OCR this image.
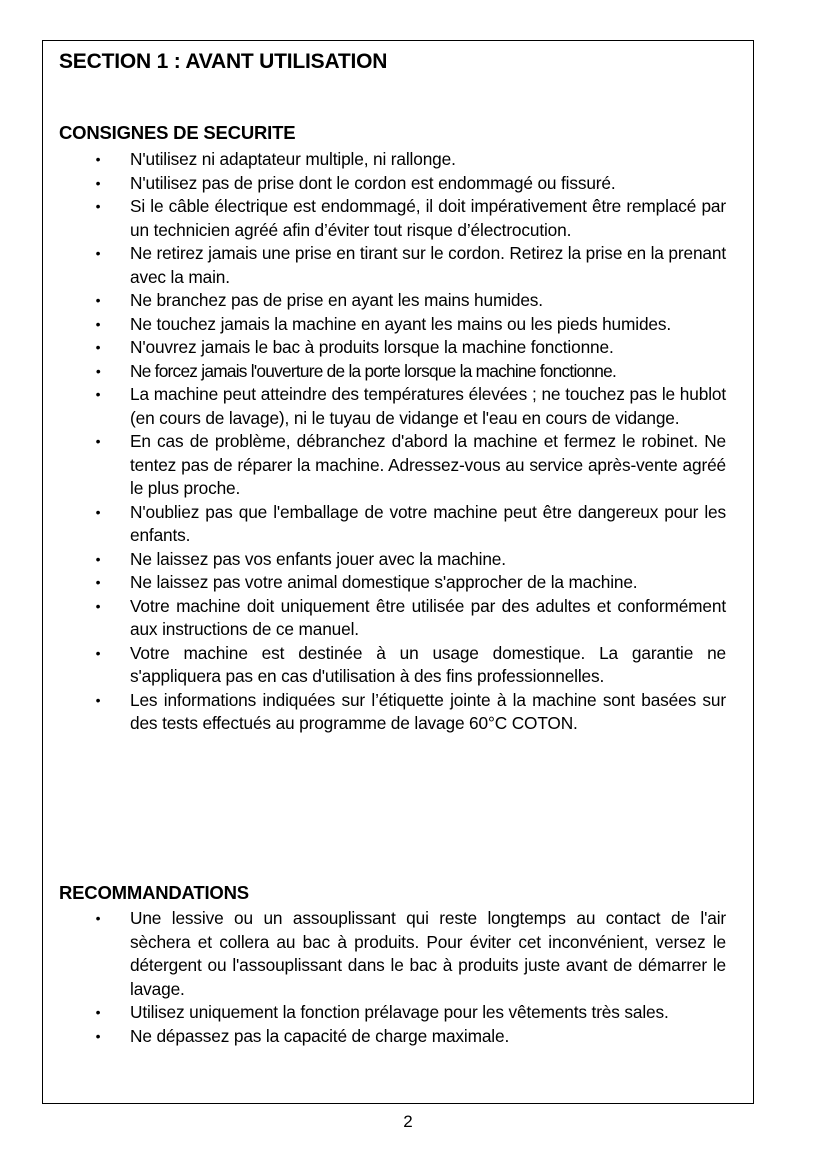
SECTION 1 : AVANT UTILISATION
CONSIGNES DE SECURITE
• N'utilisez ni adaptateur multiple, ni rallonge.
• N'utilisez pas de prise dont le cordon est endommagé ou fissuré.
• Si le câble électrique est endommagé, il doit impérativement être remplacé par un technicien agréé afin d’éviter tout risque d’électrocution.
• Ne retirez jamais une prise en tirant sur le cordon. Retirez la prise en la prenant avec la main.
• Ne branchez pas de prise en ayant les mains humides.
• Ne touchez jamais la machine en ayant les mains ou les pieds humides.
• N'ouvrez jamais le bac à produits lorsque la machine fonctionne.
• Ne forcez jamais l'ouverture de la porte lorsque la machine fonctionne.
• La machine peut atteindre des températures élevées ; ne touchez pas le hublot (en cours de lavage), ni le tuyau de vidange et l'eau en cours de vidange.
• En cas de problème, débranchez d'abord la machine et fermez le robinet. Ne tentez pas de réparer la machine. Adressez-vous au service après-vente agréé le plus proche.
• N'oubliez pas que l'emballage de votre machine peut être dangereux pour les enfants.
• Ne laissez pas vos enfants jouer avec la machine.
• Ne laissez pas votre animal domestique s'approcher de la machine.
• Votre machine doit uniquement être utilisée par des adultes et conformément aux instructions de ce manuel.
• Votre machine est destinée à un usage domestique. La garantie ne s'appliquera pas en cas d'utilisation à des fins professionnelles.
• Les informations indiquées sur l’étiquette jointe à la machine sont basées sur des tests effectués au programme de lavage 60°C COTON.
RECOMMANDATIONS
• Une lessive ou un assouplissant qui reste longtemps au contact de l'air sèchera et collera au bac à produits. Pour éviter cet inconvénient, versez le détergent ou l'assouplissant dans le bac à produits juste avant de démarrer le lavage.
• Utilisez uniquement la fonction prélavage pour les vêtements très sales.
• Ne dépassez pas la capacité de charge maximale.
2
